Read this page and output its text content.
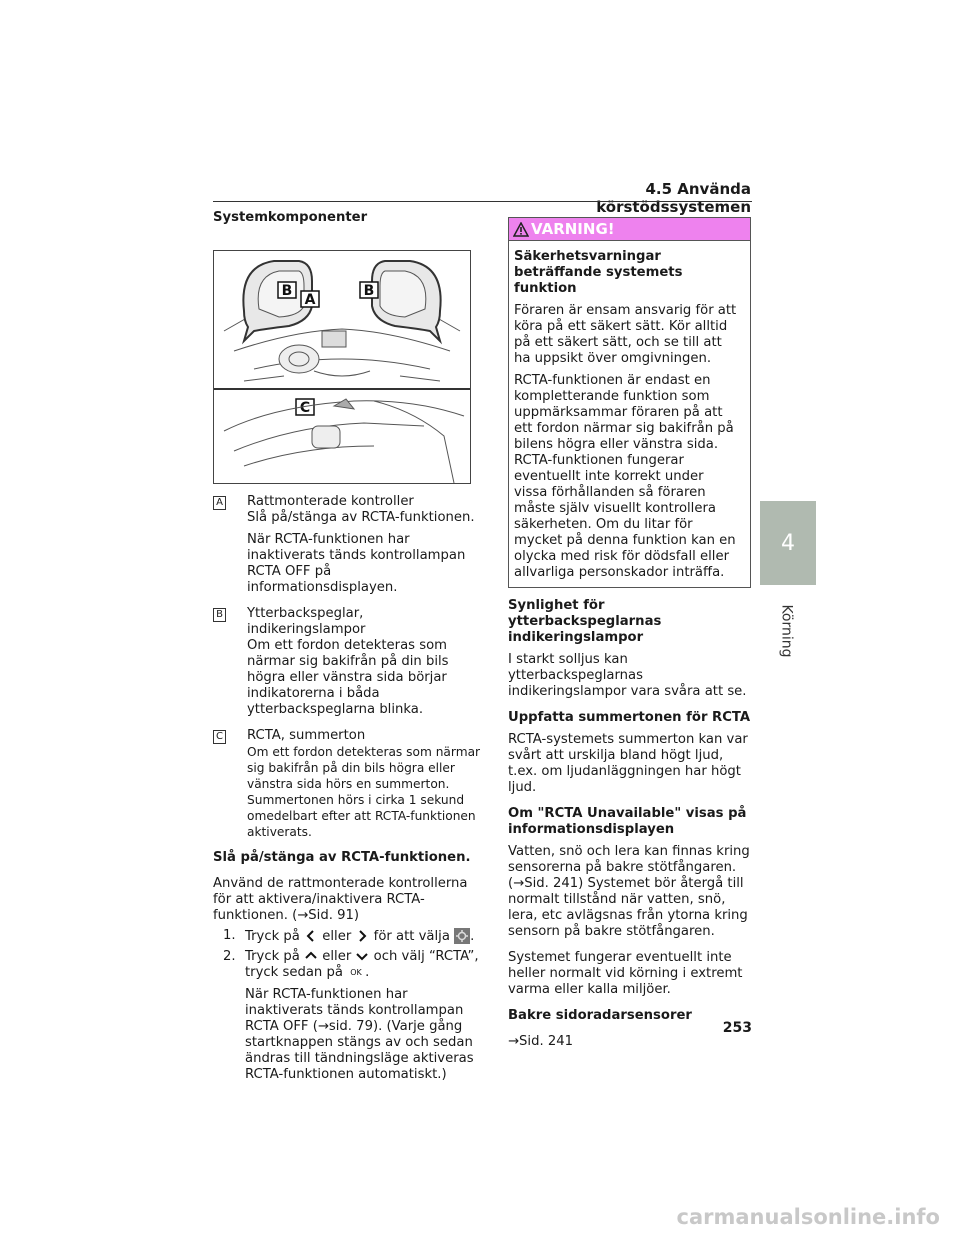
4.5 Använda körstödssystemen
4
Körning

Systemkomponenter

B
A
B
C
A Rattmonterade kontroller

Slå på/stänga av RCTA-funktionen.

När RCTA-funktionen har inaktiverats tänds kontrollampan RCTA OFF på informationsdisplayen.

B Ytterbackspeglar, indikeringslampor

Om ett fordon detekteras som närmar sig bakifrån på din bils högra eller vänstra sida börjar indikatorerna i båda ytterbackspeglarna blinka.

C RCTA, summerton

Om ett fordon detekteras som närmar sig bakifrån på din bils högra eller vänstra sida hörs en summerton.

Summertonen hörs i cirka 1 sekund omedelbart efter att RCTA-funktionen aktiverats.

Slå på/stänga av RCTA-funktionen.

Använd de rattmonterade kontrollerna för att aktivera/inaktivera RCTA-funktionen. (→Sid. 91)

1. Tryck på eller för att välja .
2. Tryck på eller och välj “RCTA”,
tryck sedan på OK .

När RCTA-funktionen har inaktiverats tänds kontrollampan RCTA OFF (→sid. 79). (Varje gång startknappen stängs av och sedan ändras till tändningsläge aktiveras RCTA-funktionen automatiskt.)

VARNING!

Säkerhetsvarningar beträffande systemets funktion

Föraren är ensam ansvarig för att köra på ett säkert sätt. Kör alltid på ett säkert sätt, och se till att ha uppsikt över omgivningen.

RCTA-funktionen är endast en kompletterande funktion som uppmärksammar föraren på att ett fordon närmar sig bakifrån på bilens högra eller vänstra sida. RCTA-funktionen fungerar eventuellt inte korrekt under vissa förhållanden så föraren måste själv visuellt kontrollera säkerheten. Om du litar för mycket på denna funktion kan en olycka med risk för dödsfall eller allvarliga personskador inträffa.

Synlighet för ytterbackspeglarnas indikeringslampor

I starkt solljus kan ytterbackspeglarnas indikeringslampor vara svåra att se.

Uppfatta summertonen för RCTA

RCTA-systemets summerton kan var svårt att urskilja bland högt ljud, t.ex. om ljudanläggningen har högt ljud.

Om "RCTA Unavailable" visas på informationsdisplayen

Vatten, snö och lera kan finnas kring sensorerna på bakre stötfångaren. (→Sid. 241) Systemet bör återgå till normalt tillstånd när vatten, snö, lera, etc avlägsnas från ytorna kring sensorn på bakre stötfångaren.

Systemet fungerar eventuellt inte heller normalt vid körning i extremt varma eller kalla miljöer.

Bakre sidoradarsensorer

→Sid. 241

253
carmanualsonline.info
